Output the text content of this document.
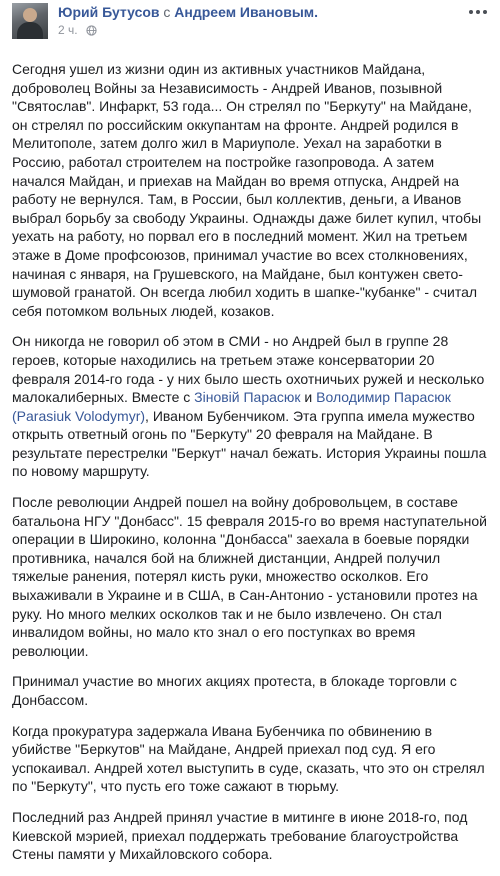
Юрий Бутусов с Андреем Ивановым.
2 ч.

Сегодня ушел из жизни один из активных участников Майдана, доброволец Войны за Независимость - Андрей Иванов, позывной "Святослав". Инфаркт, 53 года... Он стрелял по "Беркуту" на Майдане, он стрелял по российским оккупантам на фронте. Андрей родился в Мелитополе, затем долго жил в Мариуполе. Уехал на заработки в Россию, работал строителем на постройке газопровода. А затем начался Майдан, и приехав на Майдан во время отпуска, Андрей на работу не вернулся. Там, в России, был коллектив, деньги, а Иванов выбрал борьбу за свободу Украины. Однажды даже билет купил, чтобы уехать на работу, но порвал его в последний момент. Жил на третьем этаже в Доме профсоюзов, принимал участие во всех столкновениях, начиная с января, на Грушевского, на Майдане, был контужен свето-шумовой гранатой. Он всегда любил ходить в шапке-"кубанке" - считал себя потомком вольных людей, козаков.

Он никогда не говорил об этом в СМИ - но Андрей был в группе 28 героев, которые находились на третьем этаже консерватории 20 февраля 2014-го года - у них было шесть охотничьих ружей и несколько малокалиберных. Вместе с Зіновій Парасюк и Володимир Парасюк (Parasiuk Volodymyr), Иваном Бубенчиком. Эта группа имела мужество открыть ответный огонь по "Беркуту" 20 февраля на Майдане. В результате перестрелки "Беркут" начал бежать. История Украины пошла по новому маршруту.

После революции Андрей пошел на войну добровольцем, в составе батальона НГУ "Донбасс". 15 февраля 2015-го во время наступательной операции в Широкино, колонна "Донбасса" заехала в боевые порядки противника, начался бой на ближней дистанции, Андрей получил тяжелые ранения, потерял кисть руки, множество осколков. Его выхаживали в Украине и в США, в Сан-Антонио - установили протез на руку. Но много мелких осколков так и не было извлечено. Он стал инвалидом войны, но мало кто знал о его поступках во время революции.

Принимал участие во многих акциях протеста, в блокаде торговли с Донбассом.

Когда прокуратура задержала Ивана Бубенчика по обвинению в убийстве "Беркутов" на Майдане, Андрей приехал под суд. Я его успокаивал. Андрей хотел выступить в суде, сказать, что это он стрелял по "Беркуту", что пусть его тоже сажают в тюрьму.

Последний раз Андрей принял участие в митинге в июне 2018-го, под Киевской мэрией, приехал поддержать требование благоустройства Стены памяти у Михайловского собора.
